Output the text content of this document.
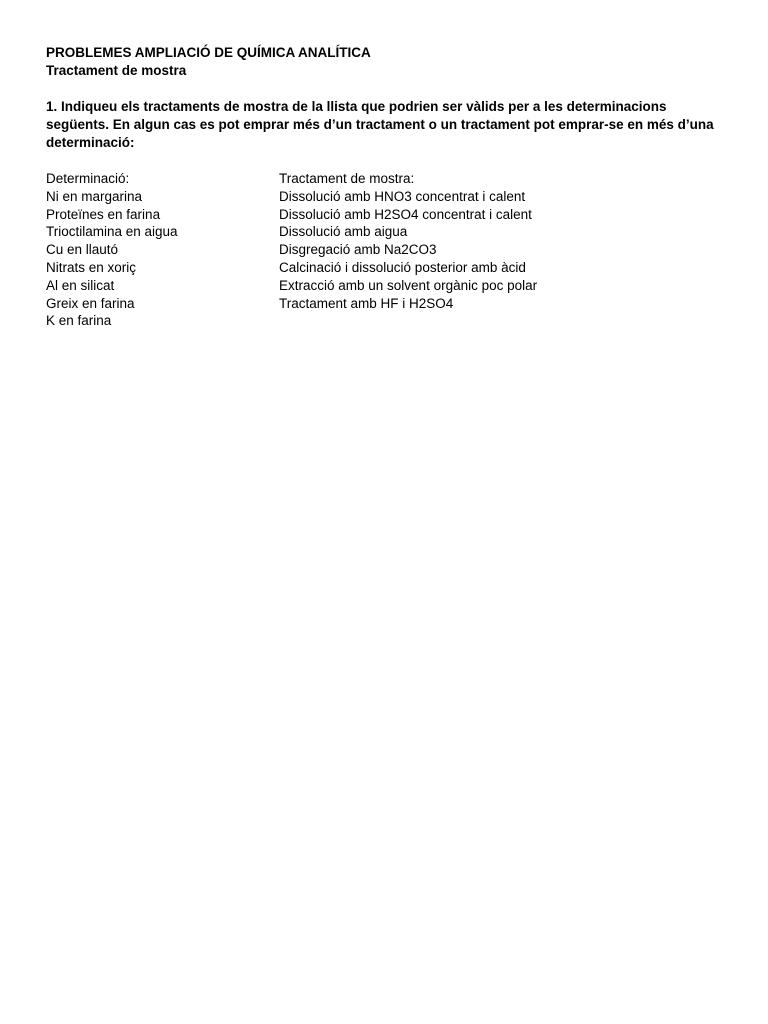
PROBLEMES AMPLIACIÓ DE QUÍMICA ANALÍTICA
Tractament de mostra
1. Indiqueu els tractaments de mostra de la llista que podrien ser vàlids per a les determinacions següents. En algun cas es pot emprar més d’un tractament o un tractament pot emprar-se en més d’una determinació:
Determinació:
Ni en margarina
Proteïnes en farina
Trioctilamina en aigua
Cu en llautó
Nitrats en xoriç
Al en silicat
Greix en farina
K en farina
Tractament de mostra:
Dissolució amb HNO3 concentrat i calent
Dissolució amb H2SO4 concentrat i calent
Dissolució amb aigua
Disgregació amb Na2CO3
Calcinació i dissolució posterior amb àcid
Extracció amb un solvent orgànic poc polar
Tractament amb HF i H2SO4
